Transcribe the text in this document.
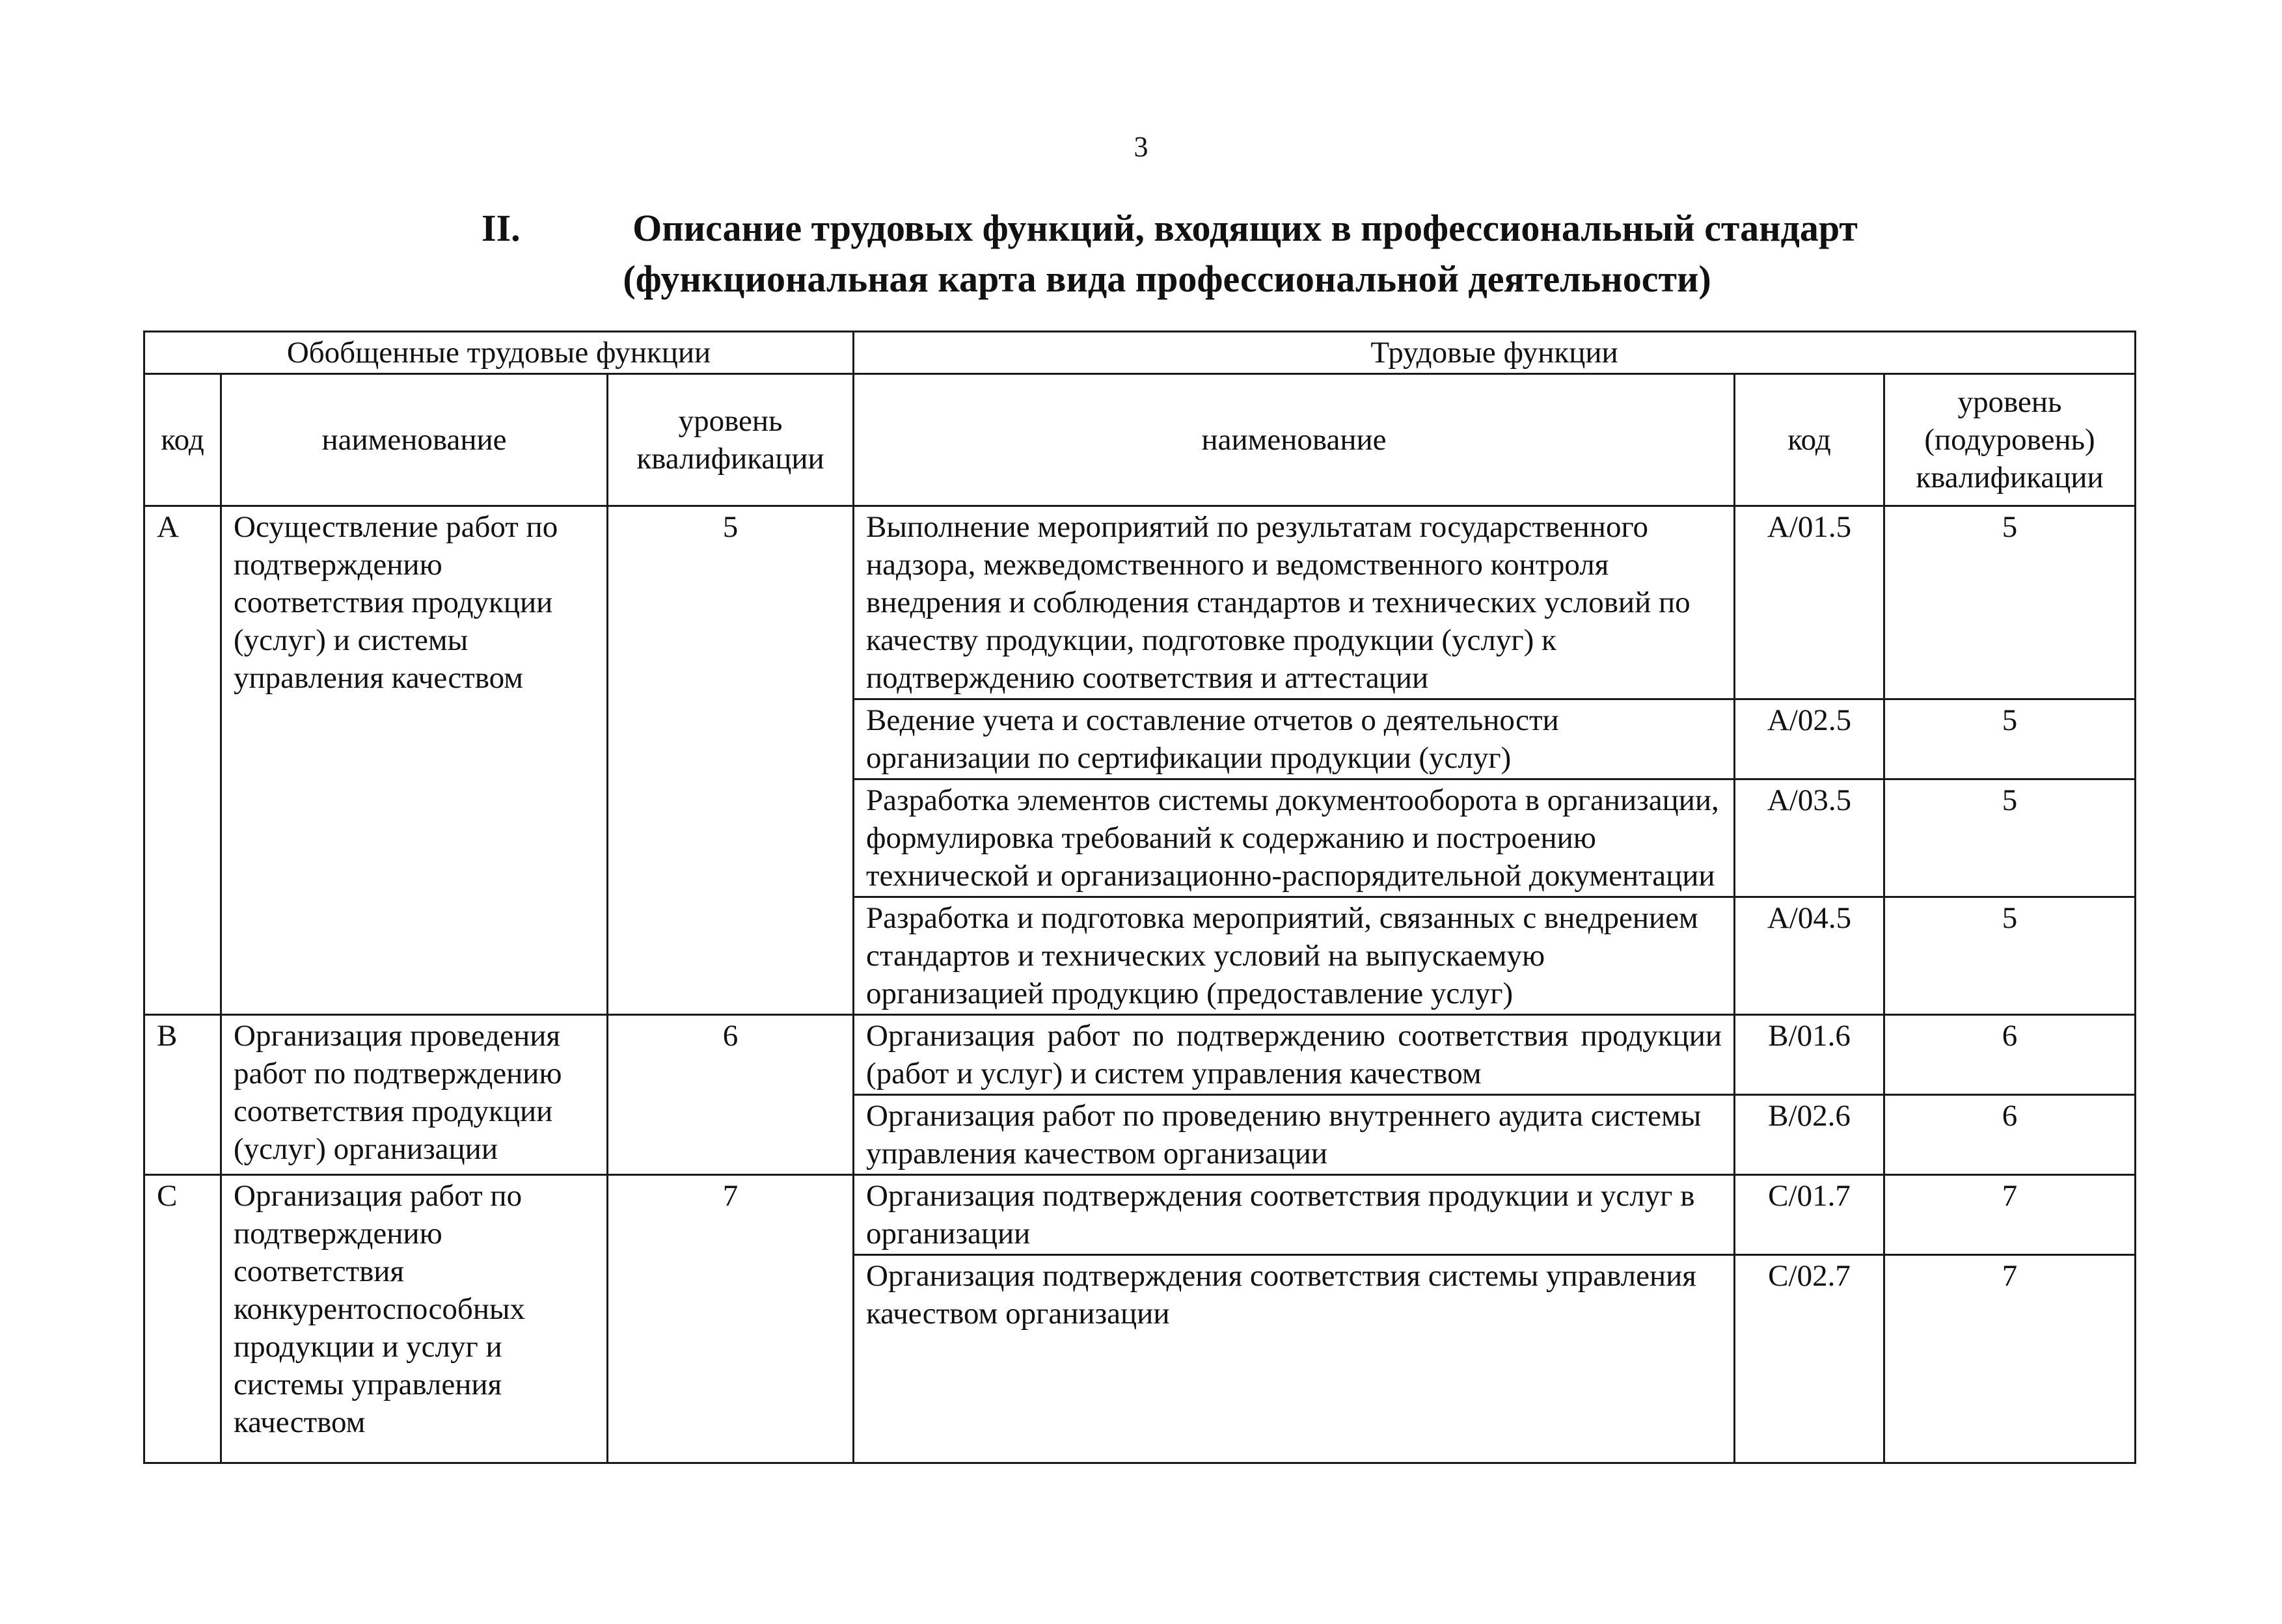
3
II.	Описание трудовых функций, входящих в профессиональный стандарт
(функциональная карта вида профессиональной деятельности)
Обобщенные трудовые функции			Трудовые функции		
код	наименование	уровень квалификации	наименование	код	уровень (подуровень) квалификации
А	Осуществление работ по подтверждению соответствия продукции (услуг) и системы управления качеством	5	Выполнение мероприятий по результатам государственного надзора, межведомственного и ведомственного контроля внедрения и соблюдения стандартов и технических условий по качеству продукции, подготовке продукции (услуг) к подтверждению соответствия и аттестации	A/01.5	5
			Ведение учета и составление отчетов о деятельности организации по сертификации продукции (услуг)	A/02.5	5
			Разработка элементов системы документооборота в организации, формулировка требований к содержанию и построению технической и организационно-распорядительной документации	A/03.5	5
			Разработка и подготовка мероприятий, связанных с внедрением стандартов и технических условий на выпускаемую организацией продукцию (предоставление услуг)	A/04.5	5
В	Организация проведения работ по подтверждению соответствия продукции (услуг) организации	6	Организация работ по подтверждению соответствия продукции (работ и услуг) и систем управления качеством	B/01.6	6
			Организация работ по проведению внутреннего аудита системы управления качеством организации	B/02.6	6
С	Организация работ по подтверждению соответствия конкурентоспособных продукции и услуг и системы управления качеством	7	Организация подтверждения соответствия продукции и услуг в организации	C/01.7	7
			Организация подтверждения соответствия системы управления качеством организации	C/02.7	7
